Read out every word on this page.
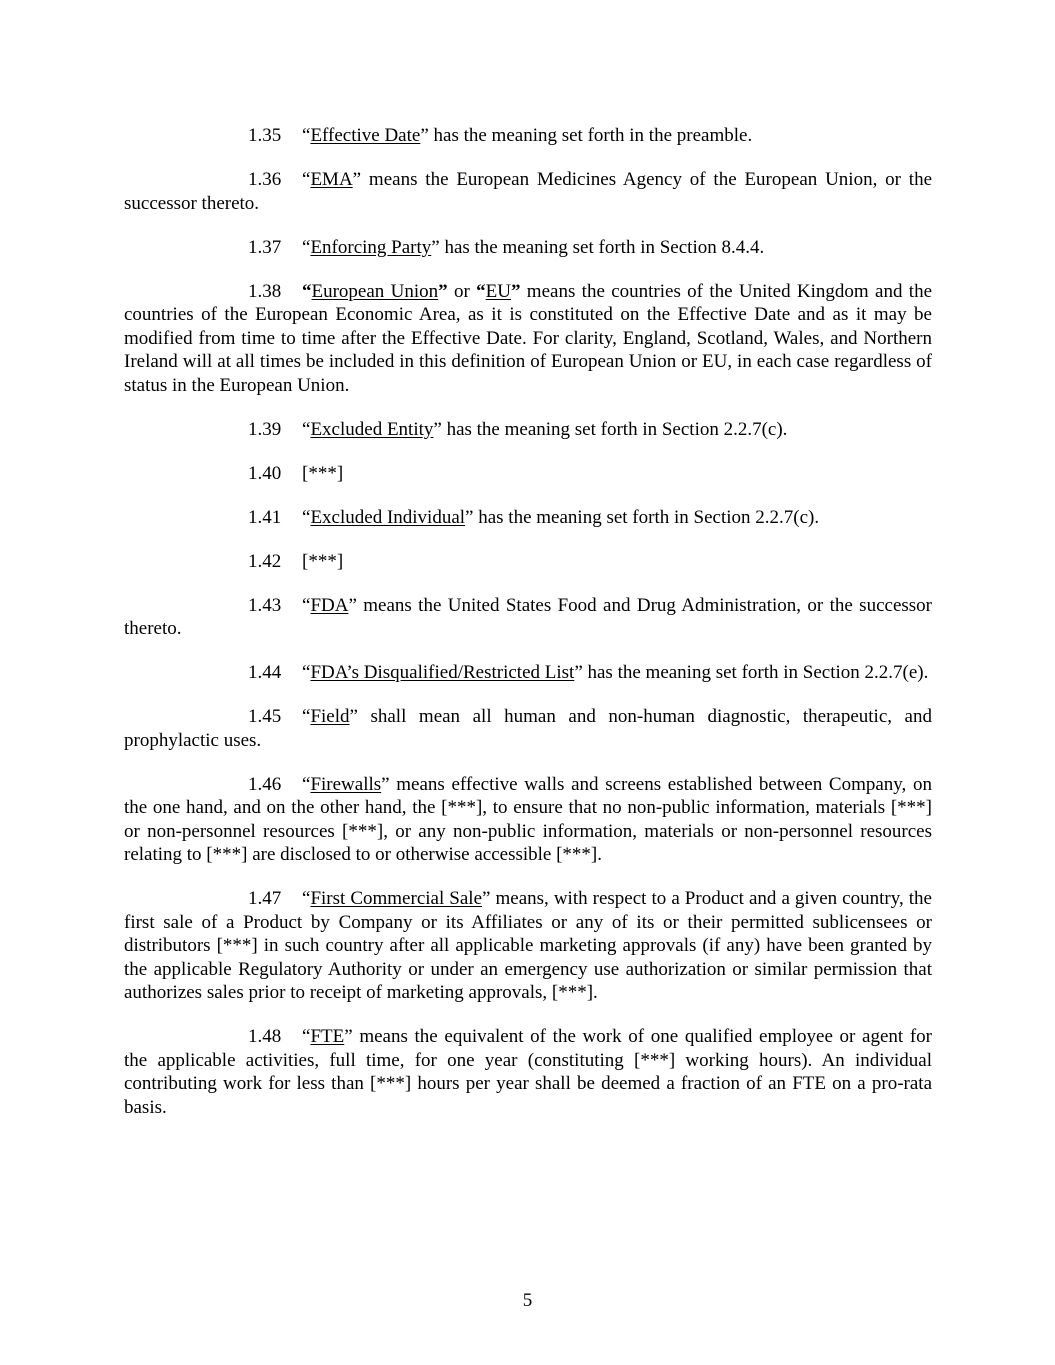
1.35 “Effective Date” has the meaning set forth in the preamble.

1.36 “EMA” means the European Medicines Agency of the European Union, or the successor thereto.

1.37 “Enforcing Party” has the meaning set forth in Section 8.4.4.

1.38 “European Union” or “EU” means the countries of the United Kingdom and the countries of the European Economic Area, as it is constituted on the Effective Date and as it may be modified from time to time after the Effective Date. For clarity, England, Scotland, Wales, and Northern Ireland will at all times be included in this definition of European Union or EU, in each case regardless of status in the European Union.

1.39 “Excluded Entity” has the meaning set forth in Section 2.2.7(c).

1.40 [***]

1.41 “Excluded Individual” has the meaning set forth in Section 2.2.7(c).

1.42 [***]

1.43 “FDA” means the United States Food and Drug Administration, or the successor thereto.

1.44 “FDA’s Disqualified/Restricted List” has the meaning set forth in Section 2.2.7(e).

1.45 “Field” shall mean all human and non-human diagnostic, therapeutic, and prophylactic uses.

1.46 “Firewalls” means effective walls and screens established between Company, on the one hand, and on the other hand, the [***], to ensure that no non-public information, materials [***] or non-personnel resources [***], or any non-public information, materials or non-personnel resources relating to [***] are disclosed to or otherwise accessible [***].

1.47 “First Commercial Sale” means, with respect to a Product and a given country, the first sale of a Product by Company or its Affiliates or any of its or their permitted sublicensees or distributors [***] in such country after all applicable marketing approvals (if any) have been granted by the applicable Regulatory Authority or under an emergency use authorization or similar permission that authorizes sales prior to receipt of marketing approvals, [***].

1.48 “FTE” means the equivalent of the work of one qualified employee or agent for the applicable activities, full time, for one year (constituting [***] working hours). An individual contributing work for less than [***] hours per year shall be deemed a fraction of an FTE on a pro-rata basis.

5
